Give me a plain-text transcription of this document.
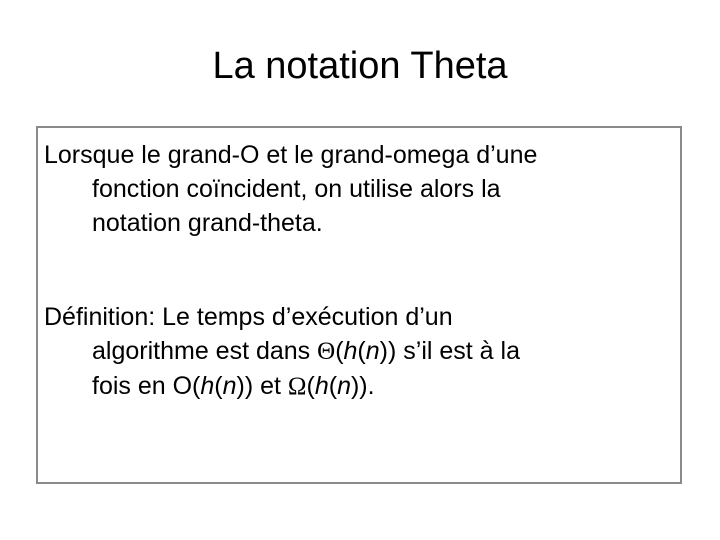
La notation Theta
Lorsque le grand-O et le grand-omega d’une
fonction coïncident, on utilise alors la
notation grand-theta.
Définition: Le temps d’exécution d’un
algorithme est dans Θ(h(n)) s’il est à la
fois en O(h(n)) et Ω(h(n)).
